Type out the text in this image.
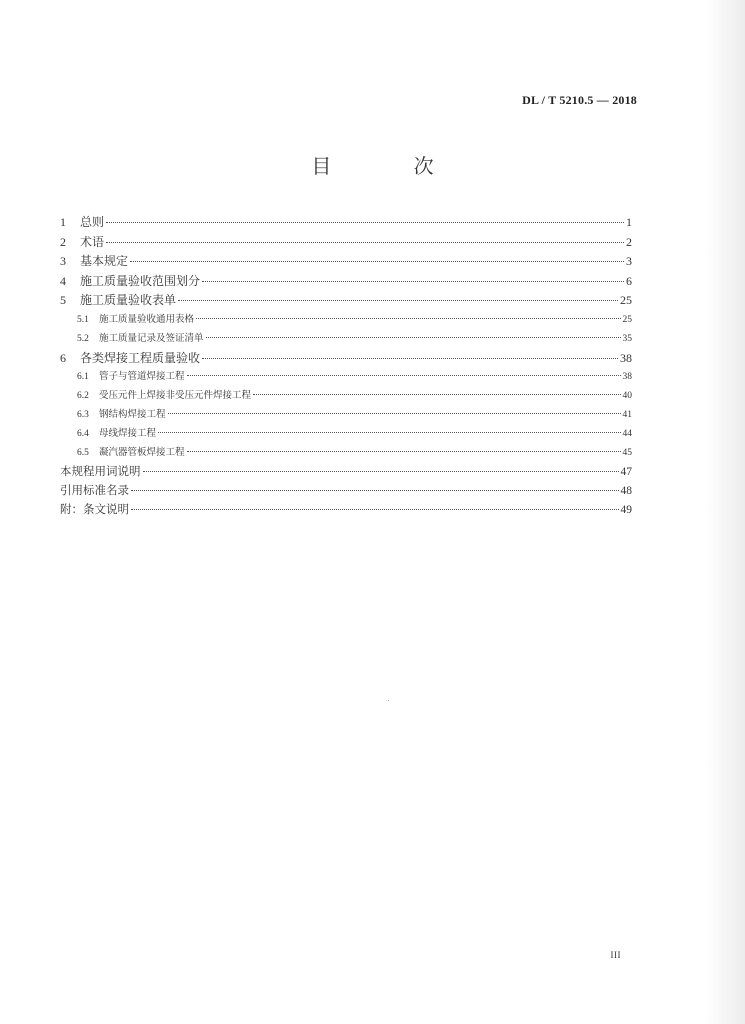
DL / T 5210.5 — 2018
目 次
1	总则	1
2	术语	2
3	基本规定	3
4	施工质量验收范围划分	6
5	施工质量验收表单	25
5.1	施工质量验收通用表格	25
5.2	施工质量记录及签证清单	35
6	各类焊接工程质量验收	38
6.1	管子与管道焊接工程	38
6.2	受压元件上焊接非受压元件焊接工程	40
6.3	钢结构焊接工程	41
6.4	母线焊接工程	44
6.5	凝汽器管板焊接工程	45
本规程用词说明	47
引用标准名录	48
附：条文说明	49
III
